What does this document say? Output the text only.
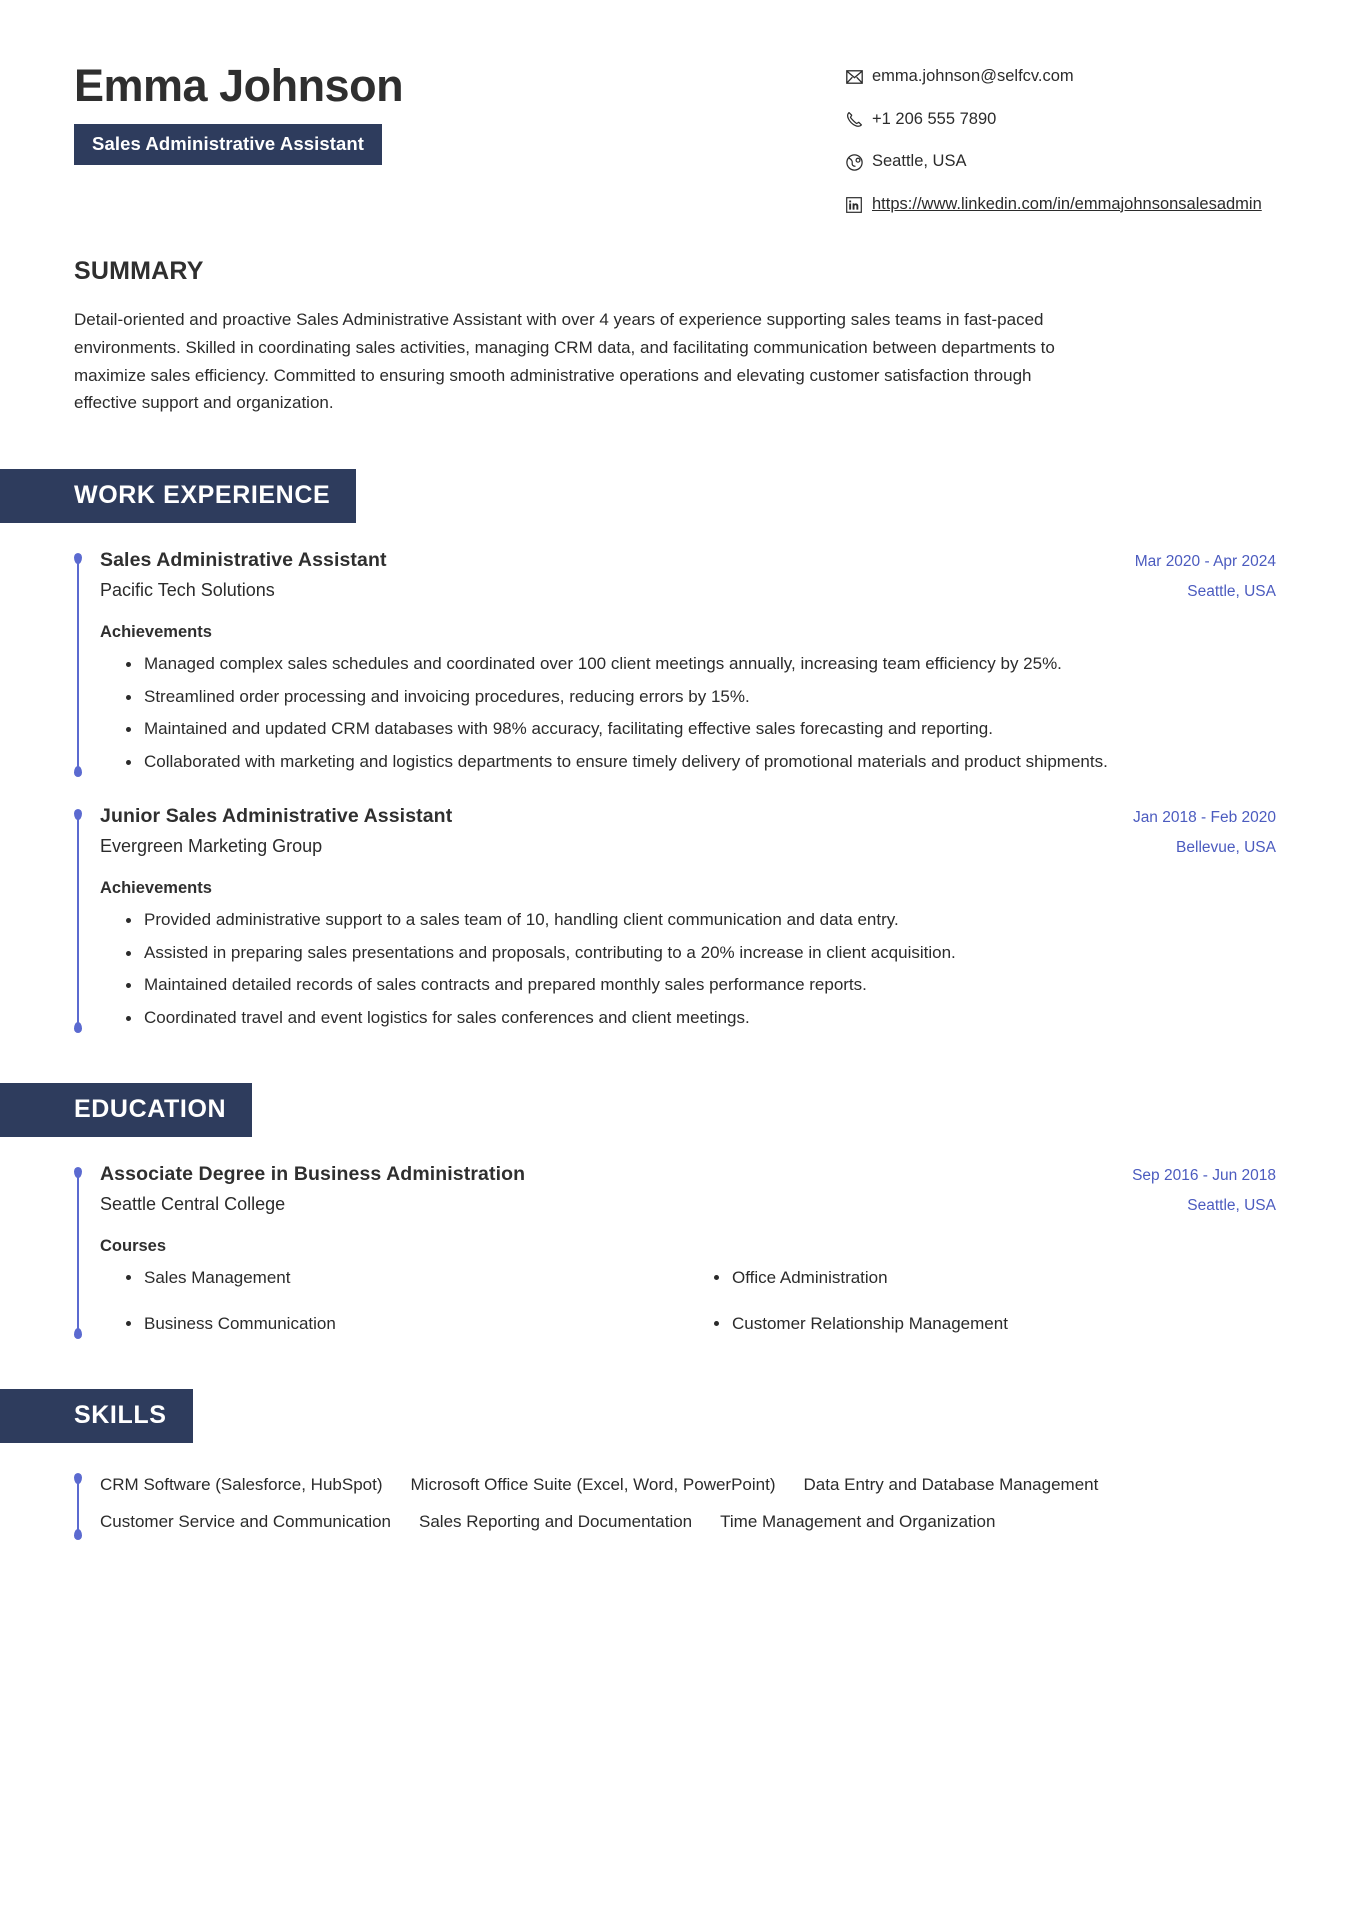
Emma Johnson
Sales Administrative Assistant
emma.johnson@selfcv.com
+1 206 555 7890
Seattle, USA
https://www.linkedin.com/in/emmajohnsonsalesadmin
SUMMARY
Detail-oriented and proactive Sales Administrative Assistant with over 4 years of experience supporting sales teams in fast-paced environments. Skilled in coordinating sales activities, managing CRM data, and facilitating communication between departments to maximize sales efficiency. Committed to ensuring smooth administrative operations and elevating customer satisfaction through effective support and organization.
WORK EXPERIENCE
Sales Administrative Assistant	Mar 2020 - Apr 2024
Pacific Tech Solutions	Seattle, USA
Achievements
Managed complex sales schedules and coordinated over 100 client meetings annually, increasing team efficiency by 25%.
Streamlined order processing and invoicing procedures, reducing errors by 15%.
Maintained and updated CRM databases with 98% accuracy, facilitating effective sales forecasting and reporting.
Collaborated with marketing and logistics departments to ensure timely delivery of promotional materials and product shipments.
Junior Sales Administrative Assistant	Jan 2018 - Feb 2020
Evergreen Marketing Group	Bellevue, USA
Achievements
Provided administrative support to a sales team of 10, handling client communication and data entry.
Assisted in preparing sales presentations and proposals, contributing to a 20% increase in client acquisition.
Maintained detailed records of sales contracts and prepared monthly sales performance reports.
Coordinated travel and event logistics for sales conferences and client meetings.
EDUCATION
Associate Degree in Business Administration	Sep 2016 - Jun 2018
Seattle Central College	Seattle, USA
Courses
Sales Management	Office Administration
Business Communication	Customer Relationship Management
SKILLS
CRM Software (Salesforce, HubSpot) Microsoft Office Suite (Excel, Word, PowerPoint) Data Entry and Database Management
Customer Service and Communication Sales Reporting and Documentation Time Management and Organization
